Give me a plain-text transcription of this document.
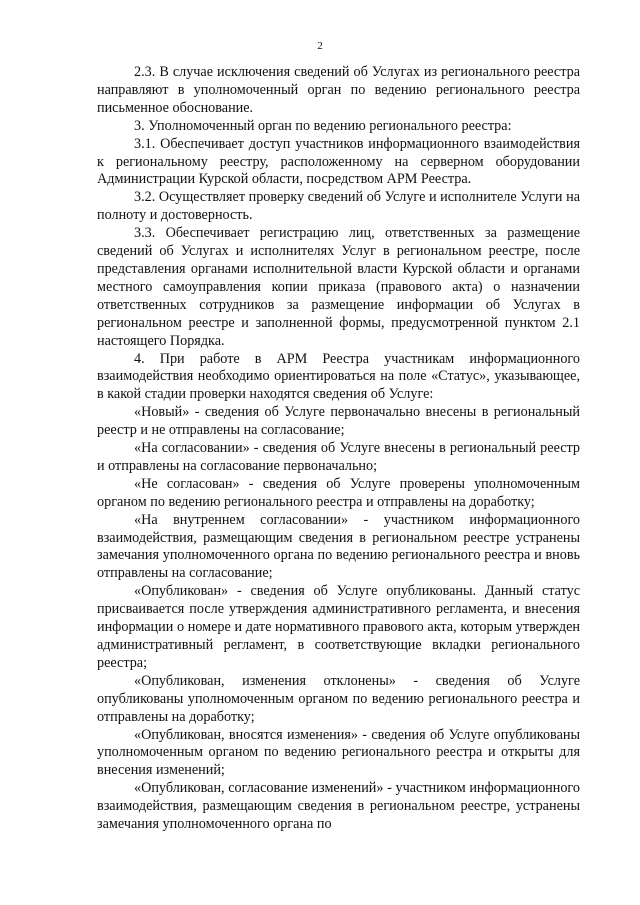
2

2.3. В случае исключения сведений об Услугах из регионального реестра направляют в уполномоченный орган по ведению регионального реестра письменное обоснование.

3. Уполномоченный орган по ведению регионального реестра:

3.1. Обеспечивает доступ участников информационного взаимодействия к региональному реестру, расположенному на серверном оборудовании Администрации Курской области, посредством АРМ Реестра.

3.2. Осуществляет проверку сведений об Услуге и исполнителе Услуги на полноту и достоверность.

3.3. Обеспечивает регистрацию лиц, ответственных за размещение сведений об Услугах и исполнителях Услуг в региональном реестре, после представления органами исполнительной власти Курской области и органами местного самоуправления копии приказа (правового акта) о назначении ответственных сотрудников за размещение информации об Услугах в региональном реестре и заполненной формы, предусмотренной пунктом 2.1 настоящего Порядка.

4. При работе в АРМ Реестра участникам информационного взаимодействия необходимо ориентироваться на поле «Статус», указывающее, в какой стадии проверки находятся сведения об Услуге:

«Новый» - сведения об Услуге первоначально внесены в региональный реестр и не отправлены на согласование;

«На согласовании» - сведения об Услуге внесены в региональный реестр и отправлены на согласование первоначально;

«Не согласован» - сведения об Услуге проверены уполномоченным органом по ведению регионального реестра и отправлены на доработку;

«На внутреннем согласовании» - участником информационного взаимодействия, размещающим сведения в региональном реестре устранены замечания уполномоченного органа по ведению регионального реестра и вновь отправлены на согласование;

«Опубликован» - сведения об Услуге опубликованы. Данный статус присваивается после утверждения административного регламента, и внесения информации о номере и дате нормативного правового акта, которым утвержден административный регламент, в соответствующие вкладки регионального реестра;

«Опубликован, изменения отклонены» - сведения об Услуге опубликованы уполномоченным органом по ведению регионального реестра и отправлены на доработку;

«Опубликован, вносятся изменения» - сведения об Услуге опубликованы уполномоченным органом по ведению регионального реестра и открыты для внесения изменений;

«Опубликован, согласование изменений» - участником информационного взаимодействия, размещающим сведения в региональном реестре, устранены замечания уполномоченного органа по
